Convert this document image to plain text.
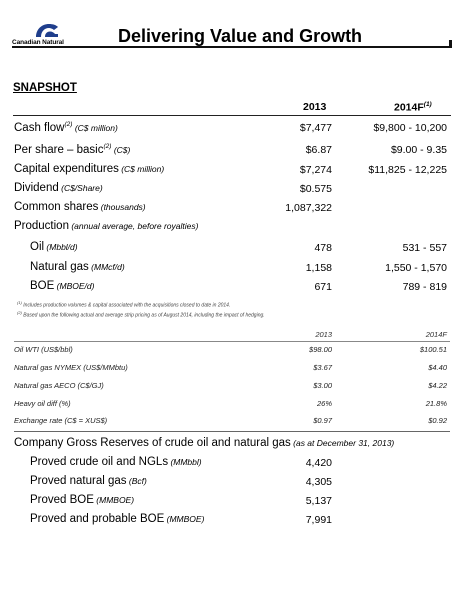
Canadian Natural	Delivering Value and Growth
SNAPSHOT
2013	$2014F^{(1)}$
Cash flow$^{(2)}$ (C$ million)	$7,477	$9,800 - 10,200
Per share – basic$^{(2)}$ (C$)	$6.87	$9.00 - 9.35
Capital expenditures (C$ million)	$7,274	$11,825 - 12,225
Dividend (C$/Share)	$0.575
Common shares (thousands)	1,087,322
Production (annual average, before royalties)
Oil (Mbbl/d)	478	531 - 557
Natural gas (MMcf/d)	1,158	1,550 - 1,570
BOE (MBOE/d)	671	789 - 819
$^{(1)}$ Includes production volumes & capital associated with the acquisitions closed to date in 2014.
$^{(2)}$ Based upon the following actual and average strip pricing as of August 2014, including the impact of hedging.
2013	2014F
Oil WTI (US$/bbl)	$98.00	$100.51
Natural gas NYMEX (US$/MMbtu)	$3.67	$4.40
Natural gas AECO (C$/GJ)	$3.00	$4.22
Heavy oil diff (%)	26%	21.8%
Exchange rate (C$ = XUS$)	$0.97	$0.92
Company Gross Reserves of crude oil and natural gas (as at December 31, 2013)
Proved crude oil and NGLs (MMbbl)	4,420
Proved natural gas (Bcf)	4,305
Proved BOE (MMBOE)	5,137
Proved and probable BOE (MMBOE)	7,991
